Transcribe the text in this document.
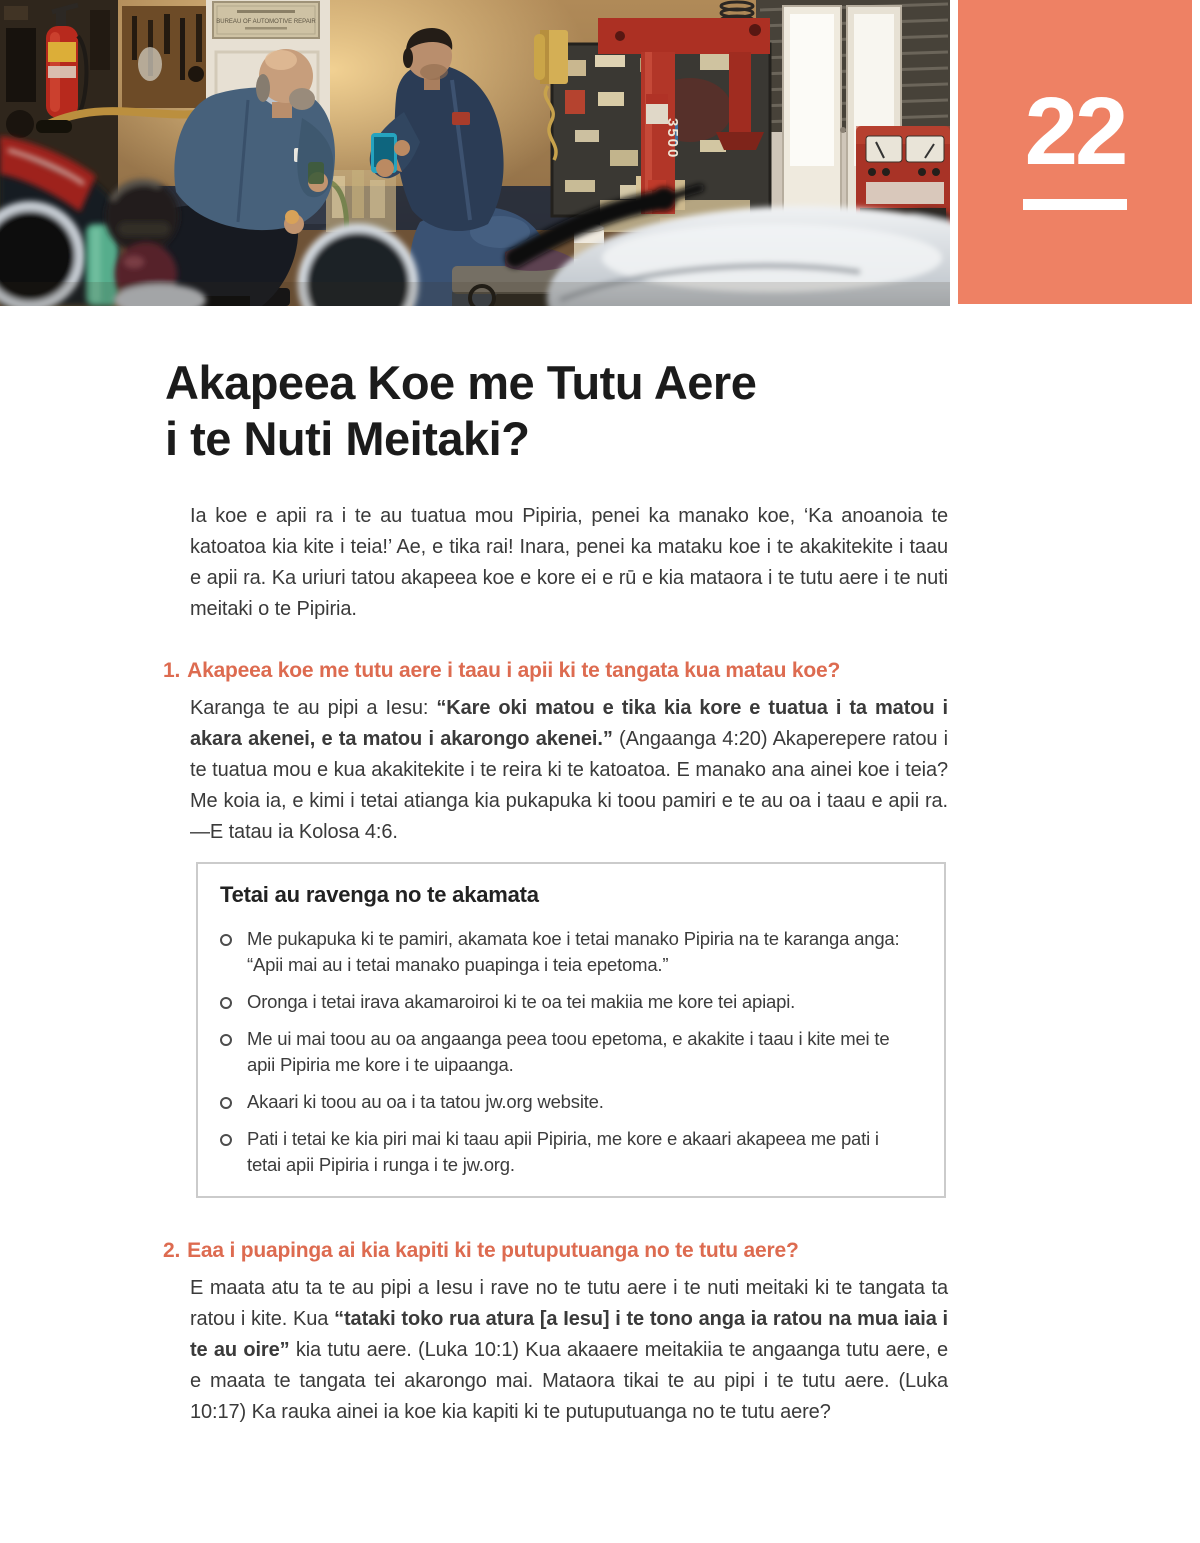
BUREAU OF AUTOMOTIVE REPAIR
3500	22
Akapeea Koe me Tutu Aere
i te Nuti Meitaki?

Ia koe e apii ra i te au tuatua mou Pipiria, penei ka manako koe, ‘Ka anoanoia te katoatoa kia kite i teia!’ Ae, e tika rai! Inara, penei ka mataku koe i te akakitekite i taau e apii ra. Ka uriuri tatou akapeea koe e kore ei e rū e kia mataora i te tutu aere i te nuti meitaki o te Pipiria.

1. Akapeea koe me tutu aere i taau i apii ki te tangata kua matau koe?

Karanga te au pipi a Iesu: “Kare oki matou e tika kia kore e tuatua i ta matou i akara akenei, e ta matou i akarongo akenei.” (Angaanga 4:20) Akaperepere ratou i te tuatua mou e kua akakitekite i te reira ki te katoatoa. E manako ana ainei koe i teia? Me koia ia, e kimi i tetai atianga kia pukapuka ki toou pamiri e te au oa i taau e apii ra.—E tatau ia Kolosa 4:6.

Tetai au ravenga no te akamata
Me pukapuka ki te pamiri, akamata koe i tetai manako Pipiria na te karanga anga: “Apii mai au i tetai manako puapinga i teia epetoma.”
Oronga i tetai irava akamaroiroi ki te oa tei makiia me kore tei apiapi.
Me ui mai toou au oa angaanga peea toou epetoma, e akakite i taau i kite mei te apii Pipiria me kore i te uipaanga.
Akaari ki toou au oa i ta tatou jw.org website.
Pati i tetai ke kia piri mai ki taau apii Pipiria, me kore e akaari akapeea me pati i tetai apii Pipiria i runga i te jw.org.
2. Eaa i puapinga ai kia kapiti ki te putuputuanga no te tutu aere?

E maata atu ta te au pipi a Iesu i rave no te tutu aere i te nuti meitaki ki te tangata ta ratou i kite. Kua “tataki toko rua atura [a Iesu] i te tono anga ia ratou na mua iaia i te au oire” kia tutu aere. (Luka 10:1) Kua akaaere meitakiia te angaanga tutu aere, e e maata te tangata tei akarongo mai. Mataora tikai te au pipi i te tutu aere. (Luka 10:17) Ka rauka ainei ia koe kia kapiti ki te putuputuanga no te tutu aere?
